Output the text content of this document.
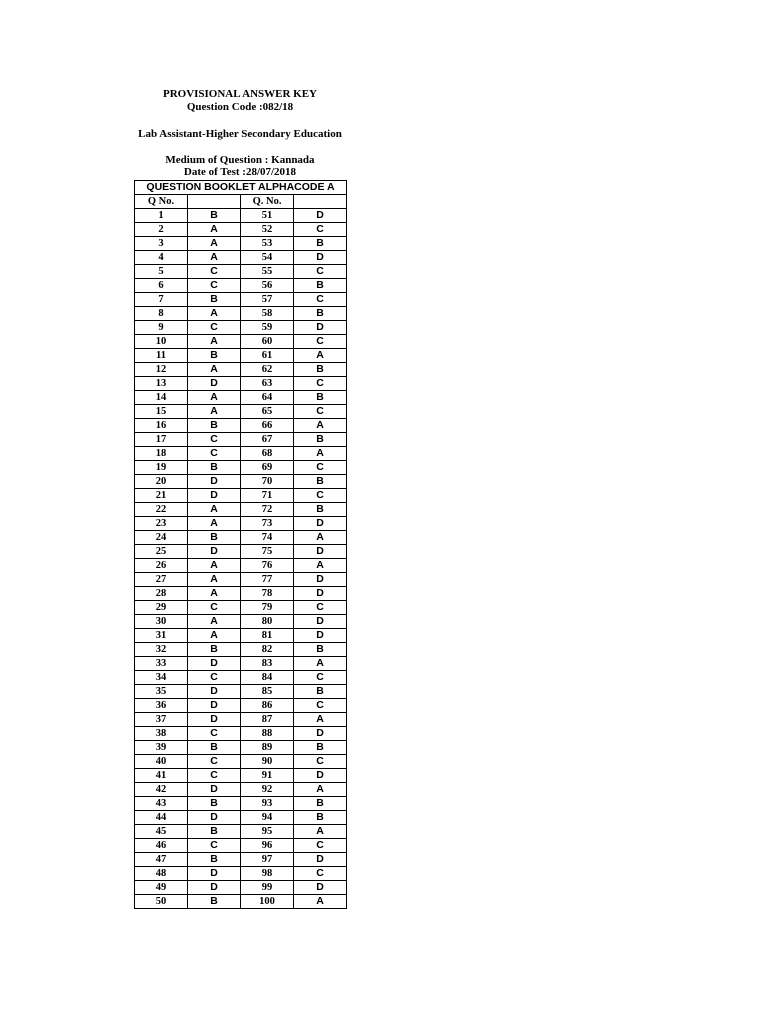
PROVISIONAL ANSWER KEY
Question Code :082/18
Lab Assistant-Higher Secondary Education
Medium of Question : Kannada
Date of Test :28/07/2018
QUESTION BOOKLET ALPHACODE A			
Q No.		Q. No.	
1	B	51	D
2	A	52	C
3	A	53	B
4	A	54	D
5	C	55	C
6	C	56	B
7	B	57	C
8	A	58	B
9	C	59	D
10	A	60	C
11	B	61	A
12	A	62	B
13	D	63	C
14	A	64	B
15	A	65	C
16	B	66	A
17	C	67	B
18	C	68	A
19	B	69	C
20	D	70	B
21	D	71	C
22	A	72	B
23	A	73	D
24	B	74	A
25	D	75	D
26	A	76	A
27	A	77	D
28	A	78	D
29	C	79	C
30	A	80	D
31	A	81	D
32	B	82	B
33	D	83	A
34	C	84	C
35	D	85	B
36	D	86	C
37	D	87	A
38	C	88	D
39	B	89	B
40	C	90	C
41	C	91	D
42	D	92	A
43	B	93	B
44	D	94	B
45	B	95	A
46	C	96	C
47	B	97	D
48	D	98	C
49	D	99	D
50	B	100	A
